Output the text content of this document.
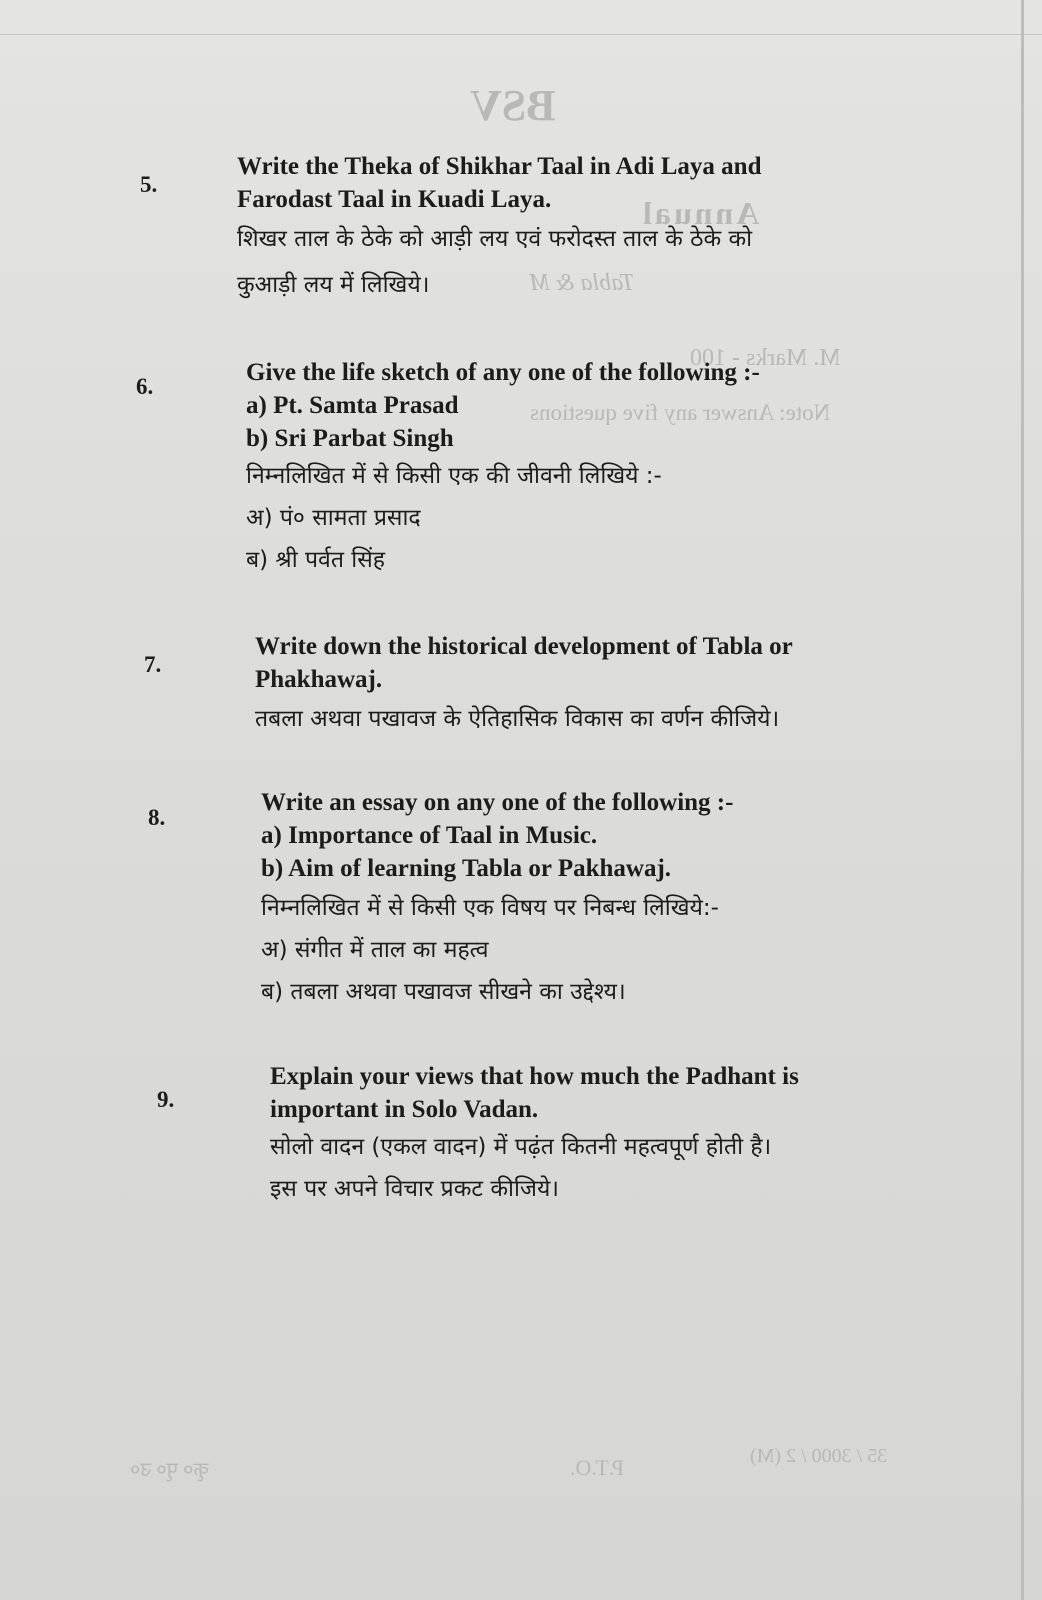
BSV
Annual
Tabla & M
M. Marks - 100
Note: Answer any five questions
P.T.O.
कृ० पृ० उ०
35 / 3000 / 2 (M)
5.
Write the Theka of Shikhar Taal in Adi Laya and
Farodast Taal in Kuadi Laya.
शिखर ताल के ठेके को आड़ी लय एवं फरोदस्त ताल के ठेके को
कुआड़ी लय में लिखिये।
6.
Give the life sketch of any one of the following :-
a) Pt. Samta Prasad
b) Sri Parbat Singh
निम्नलिखित में से किसी एक की जीवनी लिखिये :-
अ) पं० सामता प्रसाद
ब) श्री पर्वत सिंह
7.
Write down the historical development of Tabla or
Phakhawaj.
तबला अथवा पखावज के ऐतिहासिक विकास का वर्णन कीजिये।
8.
Write an essay on any one of the following :-
a) Importance of Taal in Music.
b) Aim of learning Tabla or Pakhawaj.
निम्नलिखित में से किसी एक विषय पर निबन्ध लिखिये:-
अ) संगीत में ताल का महत्व
ब) तबला अथवा पखावज सीखने का उद्देश्य।
9.
Explain your views that how much the Padhant is
important in Solo Vadan.
सोलो वादन (एकल वादन) में पढ़ंत कितनी महत्वपूर्ण होती है।
इस पर अपने विचार प्रकट कीजिये।
